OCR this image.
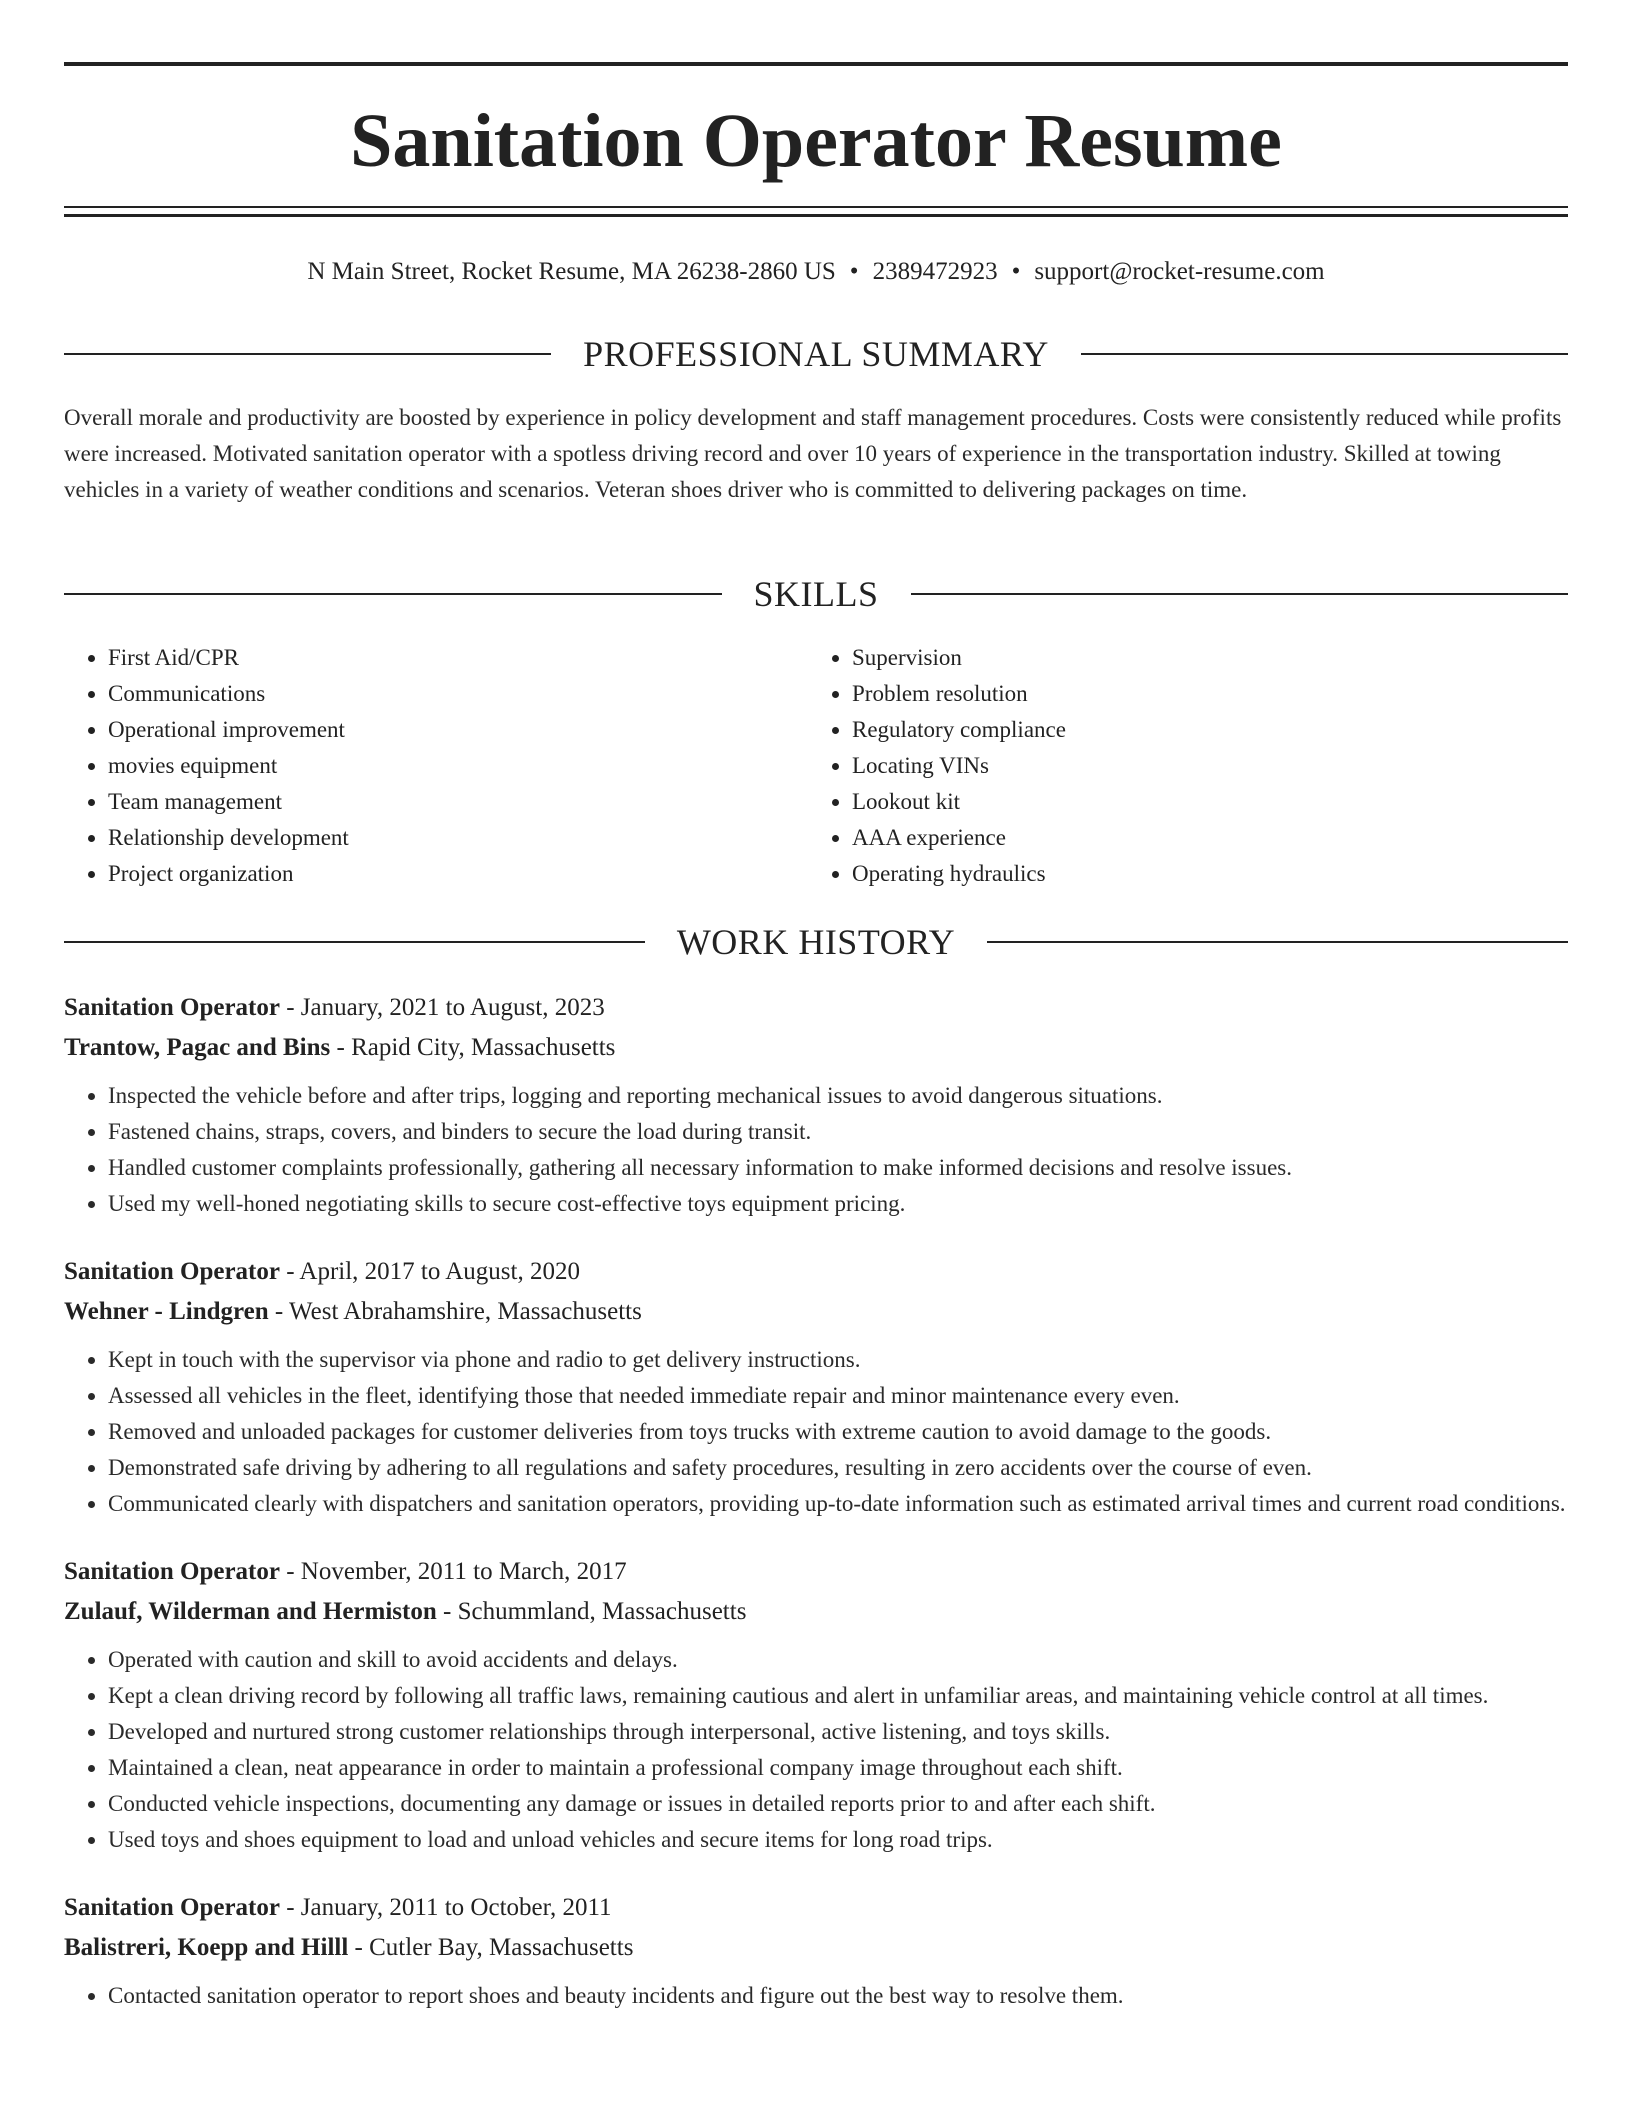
Sanitation Operator Resume
N Main Street, Rocket Resume, MA 26238-2860 US • 2389472923 • support@rocket-resume.com
PROFESSIONAL SUMMARY

Overall morale and productivity are boosted by experience in policy development and staff management procedures. Costs were consistently reduced while profits were increased. Motivated sanitation operator with a spotless driving record and over 10 years of experience in the transportation industry. Skilled at towing vehicles in a variety of weather conditions and scenarios. Veteran shoes driver who is committed to delivering packages on time.

SKILLS
• First Aid/CPR
• Communications
• Operational improvement
• movies equipment
• Team management
• Relationship development
• Project organization
• Supervision
• Problem resolution
• Regulatory compliance
• Locating VINs
• Lookout kit
• AAA experience
• Operating hydraulics
WORK HISTORY
Sanitation Operator - January, 2021 to August, 2023
Trantow, Pagac and Bins - Rapid City, Massachusetts
• Inspected the vehicle before and after trips, logging and reporting mechanical issues to avoid dangerous situations.
• Fastened chains, straps, covers, and binders to secure the load during transit.
• Handled customer complaints professionally, gathering all necessary information to make informed decisions and resolve issues.
• Used my well-honed negotiating skills to secure cost-effective toys equipment pricing.
Sanitation Operator - April, 2017 to August, 2020
Wehner - Lindgren - West Abrahamshire, Massachusetts
• Kept in touch with the supervisor via phone and radio to get delivery instructions.
• Assessed all vehicles in the fleet, identifying those that needed immediate repair and minor maintenance every even.
• Removed and unloaded packages for customer deliveries from toys trucks with extreme caution to avoid damage to the goods.
• Demonstrated safe driving by adhering to all regulations and safety procedures, resulting in zero accidents over the course of even.
• Communicated clearly with dispatchers and sanitation operators, providing up-to-date information such as estimated arrival times and current road conditions.
Sanitation Operator - November, 2011 to March, 2017
Zulauf, Wilderman and Hermiston - Schummland, Massachusetts
• Operated with caution and skill to avoid accidents and delays.
• Kept a clean driving record by following all traffic laws, remaining cautious and alert in unfamiliar areas, and maintaining vehicle control at all times.
• Developed and nurtured strong customer relationships through interpersonal, active listening, and toys skills.
• Maintained a clean, neat appearance in order to maintain a professional company image throughout each shift.
• Conducted vehicle inspections, documenting any damage or issues in detailed reports prior to and after each shift.
• Used toys and shoes equipment to load and unload vehicles and secure items for long road trips.
Sanitation Operator - January, 2011 to October, 2011
Balistreri, Koepp and Hilll - Cutler Bay, Massachusetts
• Contacted sanitation operator to report shoes and beauty incidents and figure out the best way to resolve them.
